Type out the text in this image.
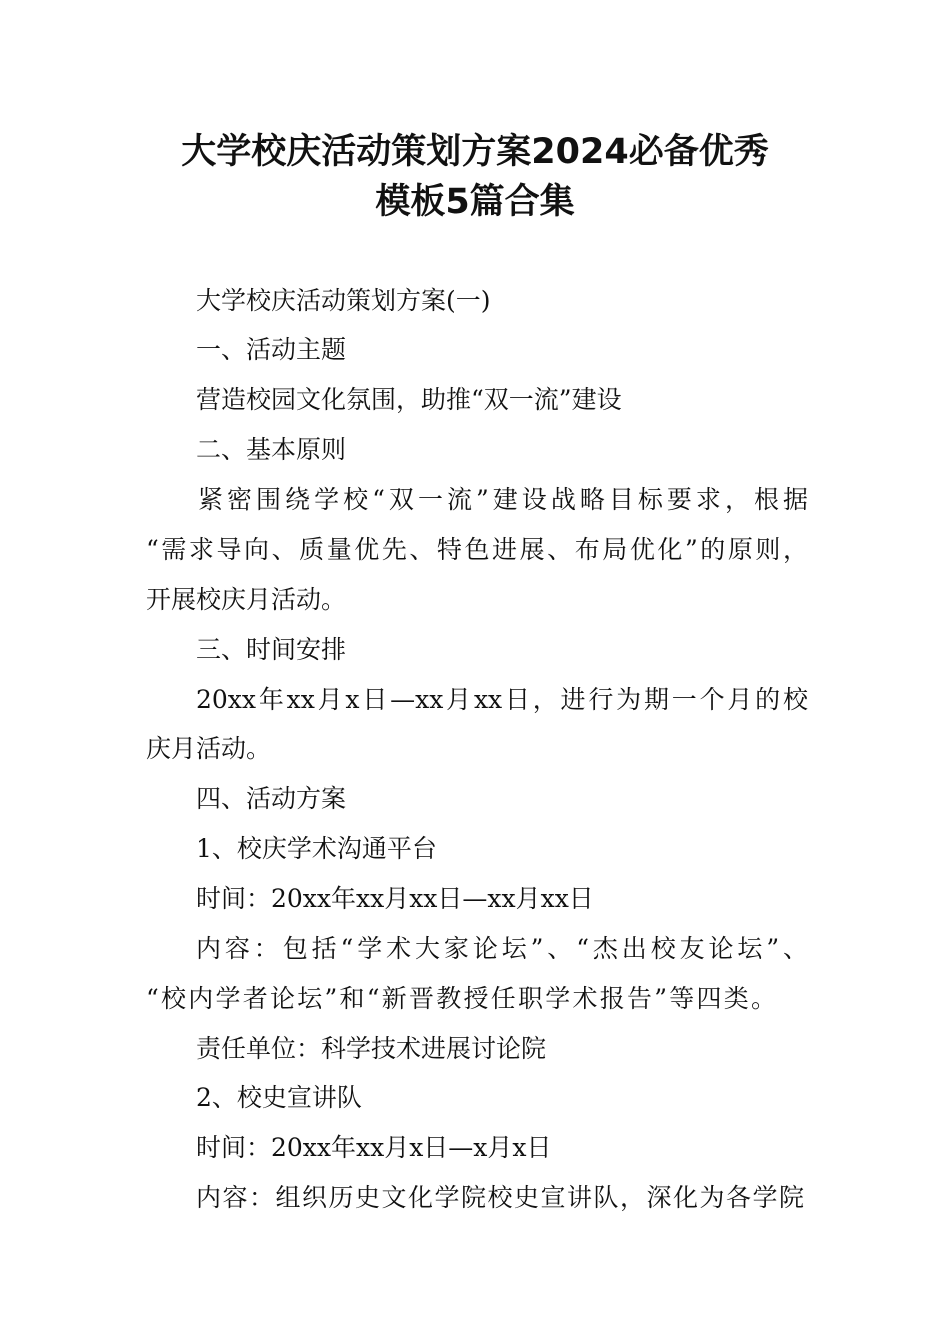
大学校庆活动策划方案2024必备优秀
模板5篇合集

大学校庆活动策划方案(一)

一、活动主题

营造校园文化氛围，助推“双一流”建设

二、基本原则

紧密围绕学校“双一流”建设战略目标要求，根据

“需求导向、质量优先、特色进展、布局优化”的原则，

开展校庆月活动。

三、时间安排

20xx年xx月x日—xx月xx日，进行为期一个月的校

庆月活动。

四、活动方案

1、校庆学术沟通平台

时间：20xx年xx月xx日—xx月xx日

内容：包括“学术大家论坛”、“杰出校友论坛”、

“校内学者论坛”和“新晋教授任职学术报告”等四类。

责任单位：科学技术进展讨论院

2、校史宣讲队

时间：20xx年xx月x日—x月x日

内容：组织历史文化学院校史宣讲队，深化为各学院
